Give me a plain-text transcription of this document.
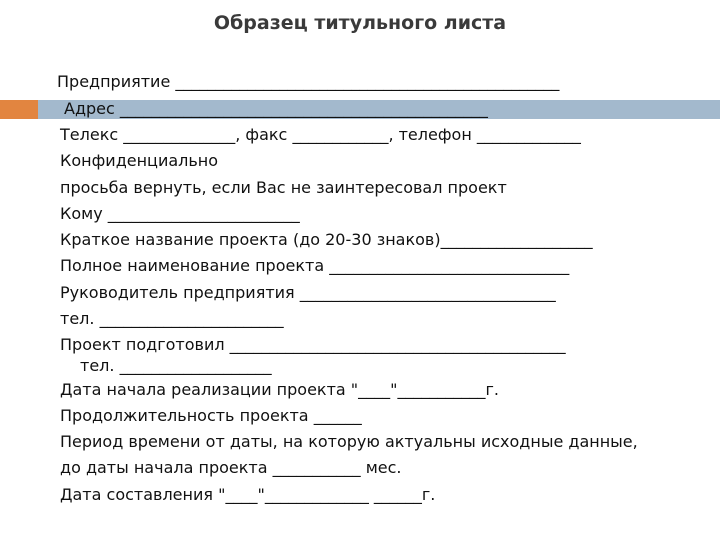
Образец титульного листа
Предприятие ________________________________________________
Адрес ______________________________________________
Телекс ______________, факс ____________, телефон _____________
Конфиденциально
просьба вернуть, если Вас не заинтересовал проект
Кому ________________________
Краткое название проекта (до 20-30 знаков)___________________
Полное наименование проекта ______________________________
Руководитель предприятия ________________________________
тел. _______________________
Проект подготовил __________________________________________
тел. ___________________
Дата начала реализации проекта "____"___________г.
Продолжительность проекта ______
Период времени от даты, на которую актуальны исходные данные,
до даты начала проекта ___________ мес.
Дата составления "____"_____________ ______г.
